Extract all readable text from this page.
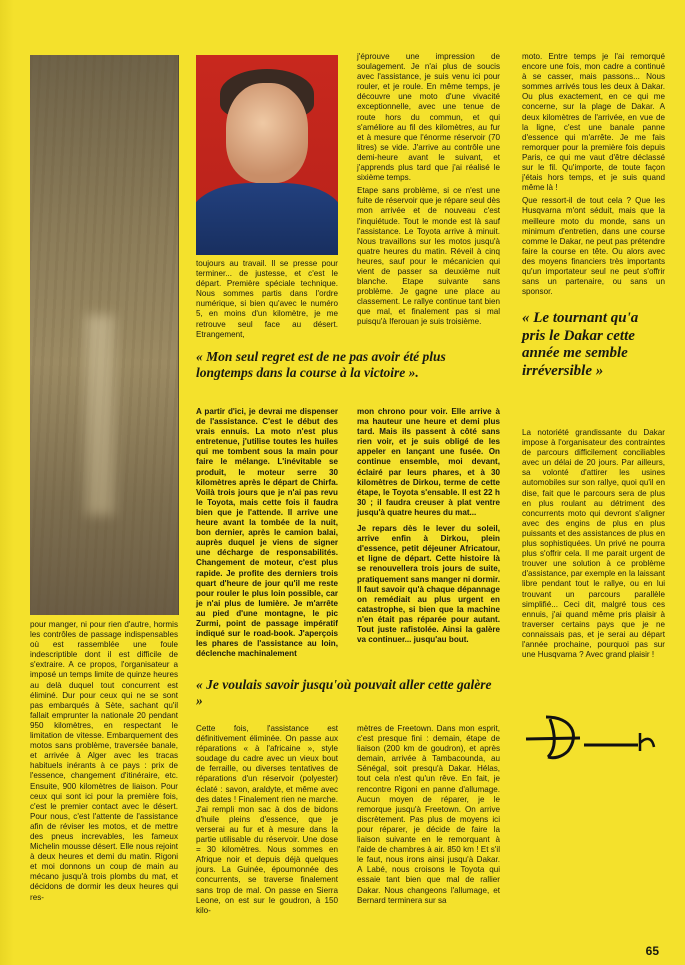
toujours au travail. Il se presse pour terminer... de justesse, et c'est le départ. Première spéciale technique. Nous sommes partis dans l'ordre numérique, si bien qu'avec le numéro 5, en moins d'un kilomètre, je me retrouve seul face au désert. Etrangement,

j'éprouve une impression de soulagement. Je n'ai plus de soucis avec l'assistance, je suis venu ici pour rouler, et je roule. En même temps, je découvre une moto d'une vivacité exceptionnelle, avec une tenue de route hors du commun, et qui s'améliore au fil des kilomètres, au fur et à mesure que l'énorme réservoir (70 litres) se vide. J'arrive au contrôle une demi-heure avant le suivant, et j'apprends plus tard que j'ai réalisé le sixième temps.

Etape sans problème, si ce n'est une fuite de réservoir que je répare seul dès mon arrivée et de nouveau c'est l'inquiétude. Tout le monde est là sauf l'assistance. Le Toyota arrive à minuit. Nous travaillons sur les motos jusqu'à quatre heures du matin. Réveil à cinq heures, sauf pour le mécanicien qui vient de passer sa deuxième nuit blanche. Etape suivante sans problème. Je gagne une place au classement. Le rallye continue tant bien que mal, et finalement pas si mal puisqu'à Iferouan je suis troisième.

moto. Entre temps je l'ai remorqué encore une fois, mon cadre a continué à se casser, mais passons... Nous sommes arrivés tous les deux à Dakar. Ou plus exactement, en ce qui me concerne, sur la plage de Dakar. A deux kilomètres de l'arrivée, en vue de la ligne, c'est une banale panne d'essence qui m'arrête. Je me fais remorquer pour la première fois depuis Paris, ce qui me vaut d'être déclassé sur le fil. Qu'importe, de toute façon j'étais hors temps, et je suis quand même là !

Que ressort-il de tout cela ? Que les Husqvarna m'ont séduit, mais que la meilleure moto du monde, sans un minimum d'entretien, dans une course comme le Dakar, ne peut pas prétendre faire la course en tête. Ou alors avec des moyens financiers très importants qu'un importateur seul ne peut s'offrir sans un partenaire, ou sans un sponsor.

« Le tournant qu'a pris le Dakar cette année me semble irréversible »
« Mon seul regret est de ne pas avoir été plus longtemps dans la course à la victoire ».

pour manger, ni pour rien d'autre, hormis les contrôles de passage indispensables où est rassemblée une foule indescriptible dont il est difficile de s'extraire. A ce propos, l'organisateur a imposé un temps limite de quinze heures au delà duquel tout concurrent est éliminé. Dur pour ceux qui ne se sont pas embarqués à Sète, sachant qu'il fallait emprunter la nationale 20 pendant 950 kilomètres, en respectant le limitation de vitesse. Embarquement des motos sans problème, traversée banale, et arrivée à Alger avec les tracas habituels inérants à ce pays : prix de l'essence, changement d'itinéraire, etc. Ensuite, 900 kilomètres de liaison. Pour ceux qui sont ici pour la première fois, c'est le premier contact avec le désert. Pour nous, c'est l'attente de l'assistance afin de réviser les motos, et de mettre des pneus increvables, les fameux Michelin mousse désert. Elle nous rejoint à deux heures et demi du matin. Rigoni et moi donnons un coup de main au mécano jusqu'à trois plombs du mat, et décidons de dormir les deux heures qui res-

A partir d'ici, je devrai me dispenser de l'assistance. C'est le début des vrais ennuis. La moto n'est plus entretenue, j'utilise toutes les huiles qui me tombent sous la main pour faire le mélange. L'inévitable se produit, le moteur serre 30 kilomètres après le départ de Chirfa. Voilà trois jours que je n'ai pas revu le Toyota, mais cette fois il faudra bien que je l'attende. Il arrive une heure avant la tombée de la nuit, bon dernier, après le camion balai, auprès duquel je viens de signer une décharge de responsabilités. Changement de moteur, c'est plus rapide. Je profite des derniers trois quart d'heure de jour qu'il me reste pour rouler le plus loin possible, car je n'ai plus de lumière. Je m'arrête au pied d'une montagne, le pic Zurmi, point de passage impératif indiqué sur le road-book. J'aperçois les phares de l'assistance au loin, déclenche machinalement

mon chrono pour voir. Elle arrive à ma hauteur une heure et demi plus tard. Mais ils passent à côté sans rien voir, et je suis obligé de les appeler en lançant une fusée. On continue ensemble, moi devant, éclairé par leurs phares, et à 30 kilomètres de Dirkou, terme de cette étape, le Toyota s'ensable. Il est 22 h 30 ; il faudra creuser à plat ventre jusqu'à quatre heures du mat...

Je repars dès le lever du soleil, arrive enfin à Dirkou, plein d'essence, petit déjeuner Africatour, et ligne de départ. Cette histoire là se renouvellera trois jours de suite, pratiquement sans manger ni dormir. Il faut savoir qu'à chaque dépannage on remédiait au plus urgent en catastrophe, si bien que la machine n'en était pas réparée pour autant. Tout juste rafistolée. Ainsi la galère va continuer... jusqu'au bout.

La notoriété grandissante du Dakar impose à l'organisateur des contraintes de parcours difficilement conciliables avec un délai de 20 jours. Par ailleurs, sa volonté d'attirer les usines automobiles sur son rallye, quoi qu'il en dise, fait que le parcours sera de plus en plus roulant au détriment des concurrents moto qui devront s'aligner avec des engins de plus en plus puissants et des assistances de plus en plus sophistiquées. Un privé ne pourra plus s'offrir cela. Il me parait urgent de trouver une solution à ce problème d'assistance, par exemple en la laissant libre pendant tout le rallye, ou en lui trouvant un parcours parallèle simplifié... Ceci dit, malgré tous ces ennuis, j'ai quand même pris plaisir à traverser certains pays que je ne connaissais pas, et je serai au départ l'année prochaine, pourquoi pas sur une Husqvarna ? Avec grand plaisir !

« Je voulais savoir jusqu'où pouvait aller cette galère »

Cette fois, l'assistance est définitivement éliminée. On passe aux réparations « à l'africaine », style soudage du cadre avec un vieux bout de ferraille, ou diverses tentatives de réparations d'un réservoir (polyester) éclaté : savon, araldyte, et même avec des dates ! Finalement rien ne marche. J'ai rempli mon sac à dos de bidons d'huile pleins d'essence, que je verserai au fur et à mesure dans la partie utilisable du réservoir. Une dose = 30 kilomètres. Nous sommes en Afrique noir et depuis déjà quelques jours. La Guinée, époumonnée des concurrents, se traverse finalement sans trop de mal. On passe en Sierra Leone, on est sur le goudron, à 150 kilo-

mètres de Freetown. Dans mon esprit, c'est presque fini : demain, étape de liaison (200 km de goudron), et après demain, arrivée à Tambacounda, au Sénégal, soit presqu'à Dakar. Hélas, tout cela n'est qu'un rêve. En fait, je rencontre Rigoni en panne d'allumage. Aucun moyen de réparer, je le remorque jusqu'à Freetown. On arrive discrètement. Pas plus de moyens ici pour réparer, je décide de faire la liaison suivante en le remorquant à l'aide de chambres à air. 850 km ! Et s'il le faut, nous irons ainsi jusqu'à Dakar. A Labé, nous croisons le Toyota qui essaie tant bien que mal de rallier Dakar. Nous changeons l'allumage, et Bernard terminera sur sa

65
